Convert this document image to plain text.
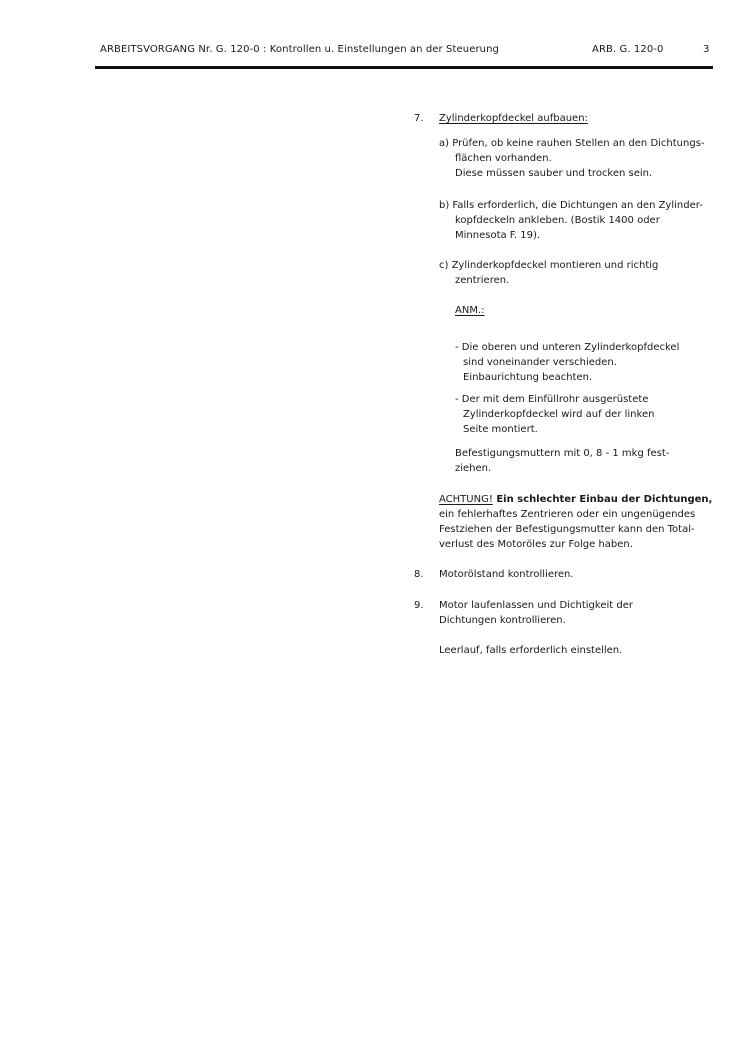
ARBEITSVORGANG Nr. G. 120-0 : Kontrollen u. Einstellungen an der Steuerung	ARB. G. 120-0	3
7. Zylinderkopfdeckel aufbauen:
a) Prüfen, ob keine rauhen Stellen an den Dichtungs-
flächen vorhanden.
Diese müssen sauber und trocken sein.
b) Falls erforderlich, die Dichtungen an den Zylinder-
kopfdeckeln ankleben. (Bostik 1400 oder
Minnesota F. 19).
c) Zylinderkopfdeckel montieren und richtig
zentrieren.
ANM.:
- Die oberen und unteren Zylinderkopfdeckel
sind voneinander verschieden.
Einbaurichtung beachten.
- Der mit dem Einfüllrohr ausgerüstete
Zylinderkopfdeckel wird auf der linken
Seite montiert.
Befestigungsmuttern mit 0, 8 - 1 mkg fest-
ziehen.
ACHTUNG! Ein schlechter Einbau der Dichtungen,
ein fehlerhaftes Zentrieren oder ein ungenügendes
Festziehen der Befestigungsmutter kann den Total-
verlust des Motoröles zur Folge haben.
8. Motorölstand kontrollieren.
9. Motor laufenlassen und Dichtigkeit der
Dichtungen kontrollieren.
Leerlauf, falls erforderlich einstellen.
